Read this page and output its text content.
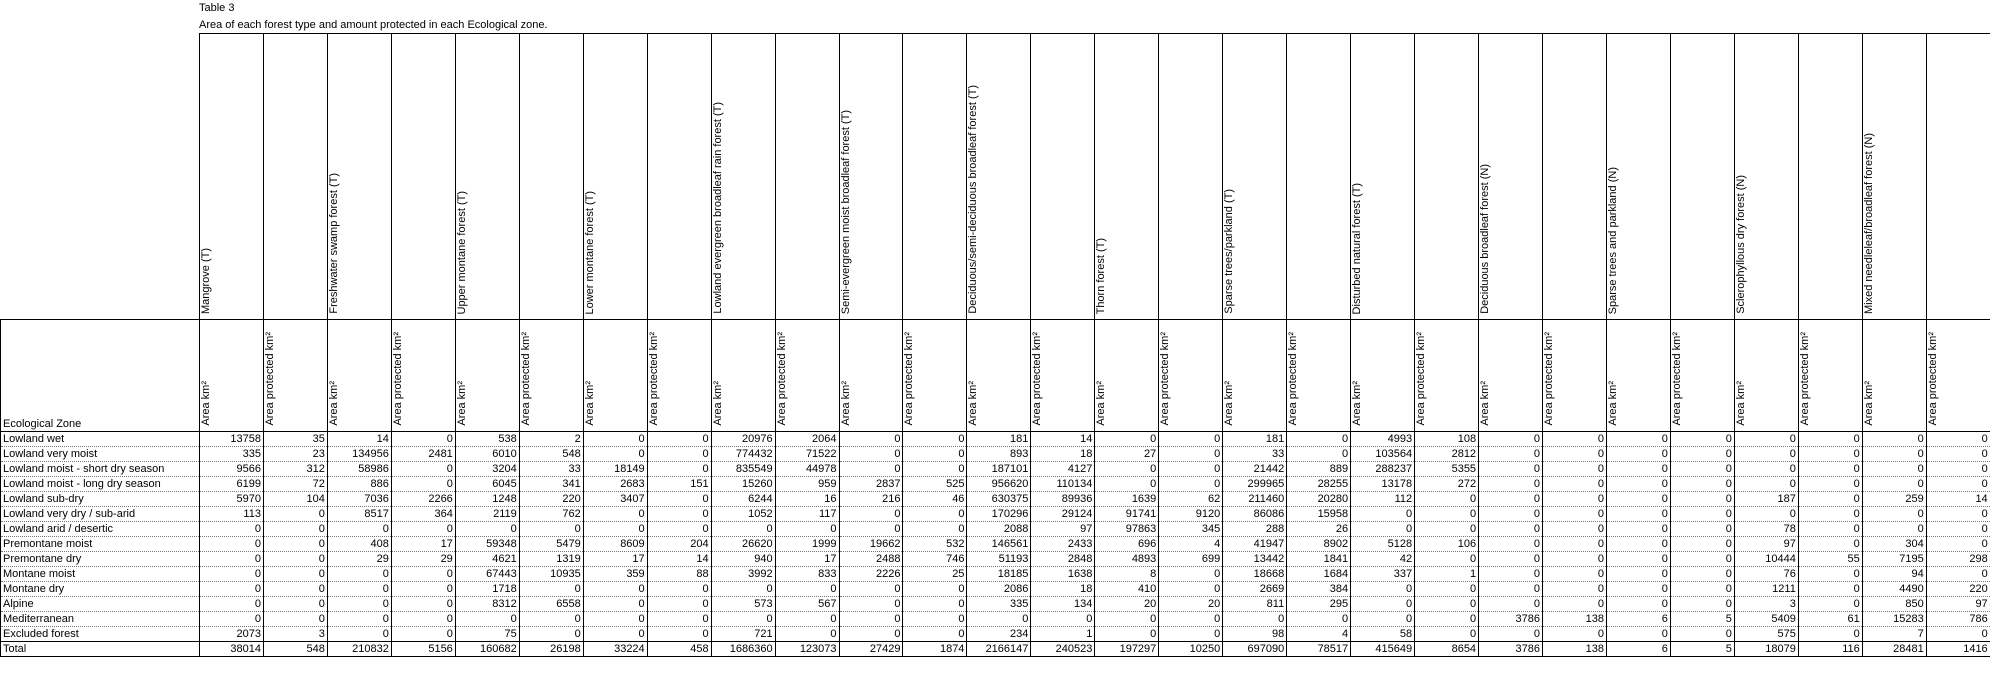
Table 3
Area of each forest type and amount protected in each Ecological zone.
	Mangrove (T)		Freshwater swamp forest (T)		Upper montane forest (T)		Lower montane forest (T)		Lowland evergreen broadleaf rain forest (T)		Semi-evergreen moist broadleaf forest (T)		Deciduous/semi-deciduous broadleaf forest (T)		Thorn forest (T)		Sparse trees/parkland (T)		Disturbed natural forest (T)		Deciduous broadleaf forest (N)		Sparse trees and parkland (N)		Sclerophyllous dry forest (N)		Mixed needleleaf/broadleaf forest (N)	
Ecological Zone	Area km²	Area protected km²	Area km²	Area protected km²	Area km²	Area protected km²	Area km²	Area protected km²	Area km²	Area protected km²	Area km²	Area protected km²	Area km²	Area protected km²	Area km²	Area protected km²	Area km²	Area protected km²	Area km²	Area protected km²	Area km²	Area protected km²	Area km²	Area protected km²	Area km²	Area protected km²	Area km²	Area protected km²
Lowland wet	13758	35	14	0	538	2	0	0	20976	2064	0	0	181	14	0	0	181	0	4993	108	0	0	0	0	0	0	0	0
Lowland very moist	335	23	134956	2481	6010	548	0	0	774432	71522	0	0	893	18	27	0	33	0	103564	2812	0	0	0	0	0	0	0	0
Lowland moist - short dry season	9566	312	58986	0	3204	33	18149	0	835549	44978	0	0	187101	4127	0	0	21442	889	288237	5355	0	0	0	0	0	0	0	0
Lowland moist - long dry season	6199	72	886	0	6045	341	2683	151	15260	959	2837	525	956620	110134	0	0	299965	28255	13178	272	0	0	0	0	0	0	0	0
Lowland sub-dry	5970	104	7036	2266	1248	220	3407	0	6244	16	216	46	630375	89936	1639	62	211460	20280	112	0	0	0	0	0	187	0	259	14
Lowland very dry / sub-arid	113	0	8517	364	2119	762	0	0	1052	117	0	0	170296	29124	91741	9120	86086	15958	0	0	0	0	0	0	0	0	0	0
Lowland arid / desertic	0	0	0	0	0	0	0	0	0	0	0	0	2088	97	97863	345	288	26	0	0	0	0	0	0	78	0	0	0
Premontane moist	0	0	408	17	59348	5479	8609	204	26620	1999	19662	532	146561	2433	696	4	41947	8902	5128	106	0	0	0	0	97	0	304	0
Premontane dry	0	0	29	29	4621	1319	17	14	940	17	2488	746	51193	2848	4893	699	13442	1841	42	0	0	0	0	0	10444	55	7195	298
Montane moist	0	0	0	0	67443	10935	359	88	3992	833	2226	25	18185	1638	8	0	18668	1684	337	1	0	0	0	0	76	0	94	0
Montane dry	0	0	0	0	1718	0	0	0	0	0	0	0	2086	18	410	0	2669	384	0	0	0	0	0	0	1211	0	4490	220
Alpine	0	0	0	0	8312	6558	0	0	573	567	0	0	335	134	20	20	811	295	0	0	0	0	0	0	3	0	850	97
Mediterranean	0	0	0	0	0	0	0	0	0	0	0	0	0	0	0	0	0	0	0	0	3786	138	6	5	5409	61	15283	786
Excluded forest	2073	3	0	0	75	0	0	0	721	0	0	0	234	1	0	0	98	4	58	0	0	0	0	0	575	0	7	0
Total	38014	548	210832	5156	160682	26198	33224	458	1686360	123073	27429	1874	2166147	240523	197297	10250	697090	78517	415649	8654	3786	138	6	5	18079	116	28481	1416
